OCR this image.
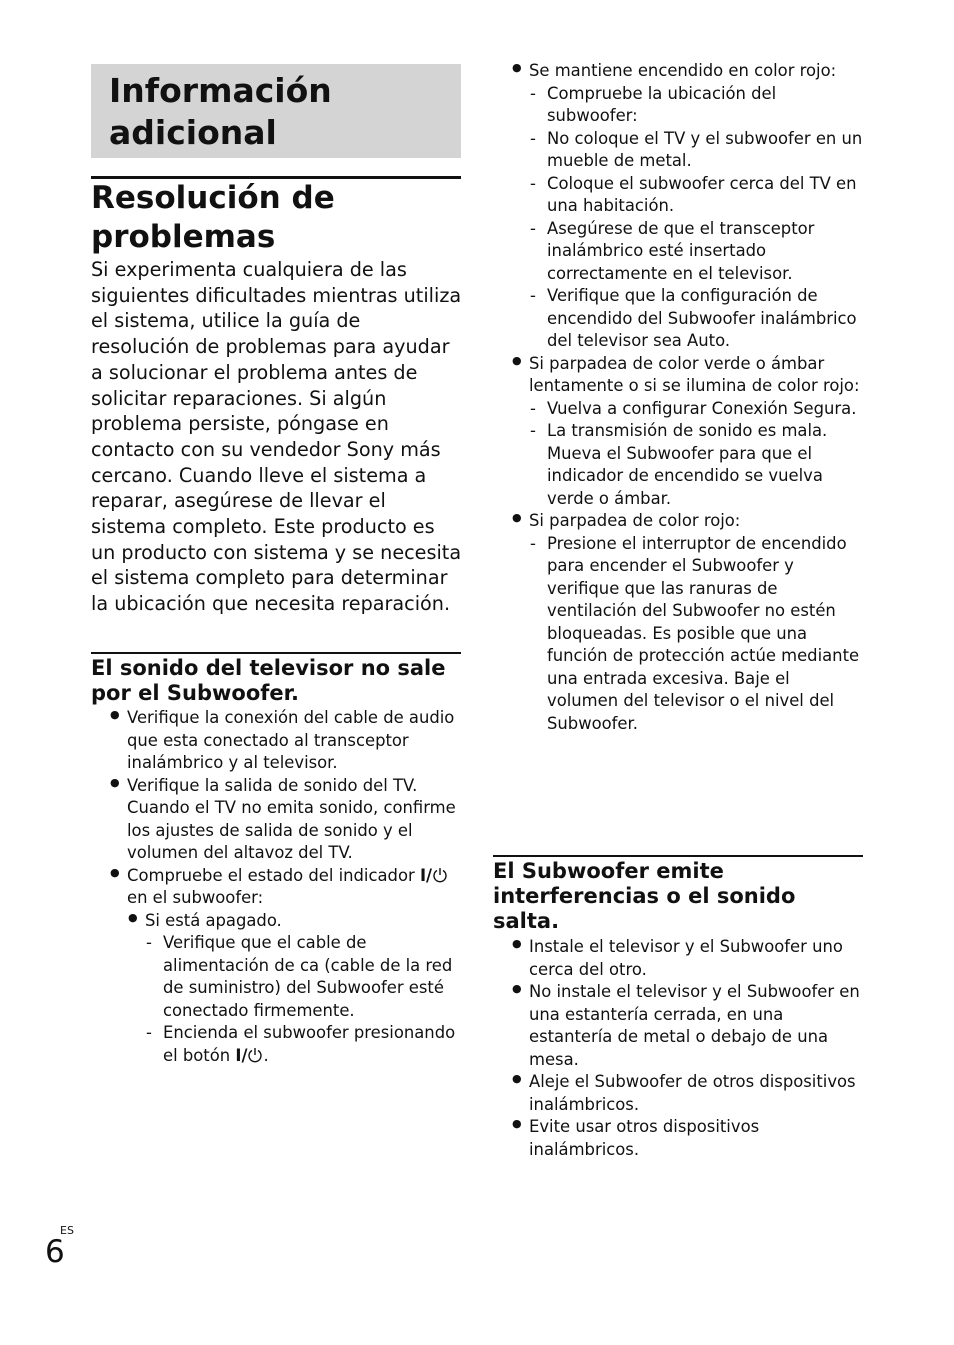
Información adicional
Resolución de problemas
Si experimenta cualquiera de las siguientes dificultades mientras utiliza el sistema, utilice la guía de resolución de problemas para ayudar a solucionar el problema antes de solicitar reparaciones. Si algún problema persiste, póngase en contacto con su vendedor Sony más cercano. Cuando lleve el sistema a reparar, asegúrese de llevar el sistema completo. Este producto es un producto con sistema y se necesita el sistema completo para determinar la ubicación que necesita reparación.
El sonido del televisor no sale por el Subwoofer.
● Verifique la conexión del cable de audio que esta conectado al transceptor inalámbrico y al televisor.
● Verifique la salida de sonido del TV. Cuando el TV no emita sonido, confirme los ajustes de salida de sonido y el volumen del altavoz del TV.
● Compruebe el estado del indicador I/ en el subwoofer:
● Si está apagado.
- Verifique que el cable de alimentación de ca (cable de la red de suministro) del Subwoofer esté conectado firmemente.
- Encienda el subwoofer presionando el botón I/ .
● Se mantiene encendido en color rojo:
- Compruebe la ubicación del subwoofer:
- No coloque el TV y el subwoofer en un mueble de metal.
- Coloque el subwoofer cerca del TV en una habitación.
- Asegúrese de que el transceptor inalámbrico esté insertado correctamente en el televisor.
- Verifique que la configuración de encendido del Subwoofer inalámbrico del televisor sea Auto.
● Si parpadea de color verde o ámbar lentamente o si se ilumina de color rojo:
- Vuelva a configurar Conexión Segura.
- La transmisión de sonido es mala. Mueva el Subwoofer para que el indicador de encendido se vuelva verde o ámbar.
● Si parpadea de color rojo:
- Presione el interruptor de encendido para encender el Subwoofer y verifique que las ranuras de ventilación del Subwoofer no estén bloqueadas. Es posible que una función de protección actúe mediante una entrada excesiva. Baje el volumen del televisor o el nivel del Subwoofer.
El Subwoofer emite interferencias o el sonido salta.
● Instale el televisor y el Subwoofer uno cerca del otro.
● No instale el televisor y el Subwoofer en una estantería cerrada, en una estantería de metal o debajo de una mesa.
● Aleje el Subwoofer de otros dispositivos inalámbricos.
● Evite usar otros dispositivos inalámbricos.
ES
6
